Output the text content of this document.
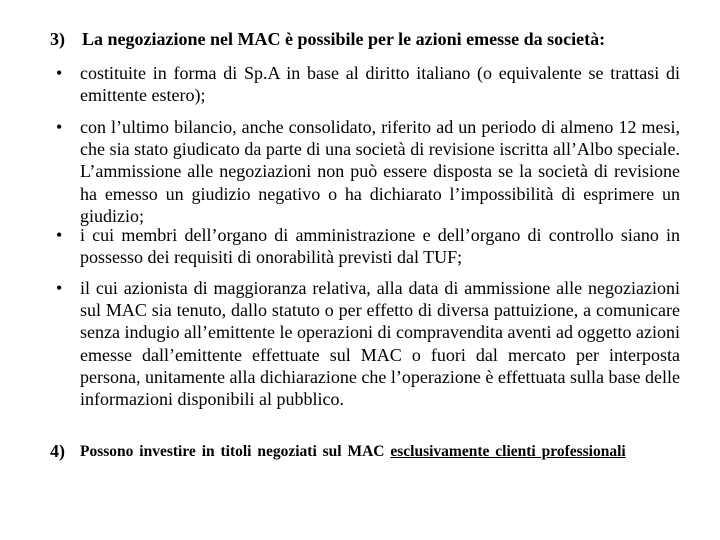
3) La negoziazione nel MAC è possibile per le azioni emesse da società:
• costituite in forma di Sp.A in base al diritto italiano (o equivalente se trattasi di emittente estero);
• con l’ultimo bilancio, anche consolidato, riferito ad un periodo di almeno 12 mesi, che sia stato giudicato da parte di una società di revisione iscritta all’Albo speciale. L’ammissione alle negoziazioni non può essere disposta se la società di revisione ha emesso un giudizio negativo o ha dichiarato l’impossibilità di esprimere un giudizio;
• i cui membri dell’organo di amministrazione e dell’organo di controllo siano in possesso dei requisiti di onorabilità previsti dal TUF;
• il cui azionista di maggioranza relativa, alla data di ammissione alle negoziazioni sul MAC sia tenuto, dallo statuto o per effetto di diversa pattuizione, a comunicare senza indugio all’emittente le operazioni di compravendita aventi ad oggetto azioni emesse dall’emittente effettuate sul MAC o fuori dal mercato per interposta persona, unitamente alla dichiarazione che l’operazione è effettuata sulla base delle informazioni disponibili al pubblico.
4) Possono investire in titoli negoziati sul MAC esclusivamente clienti professionali
